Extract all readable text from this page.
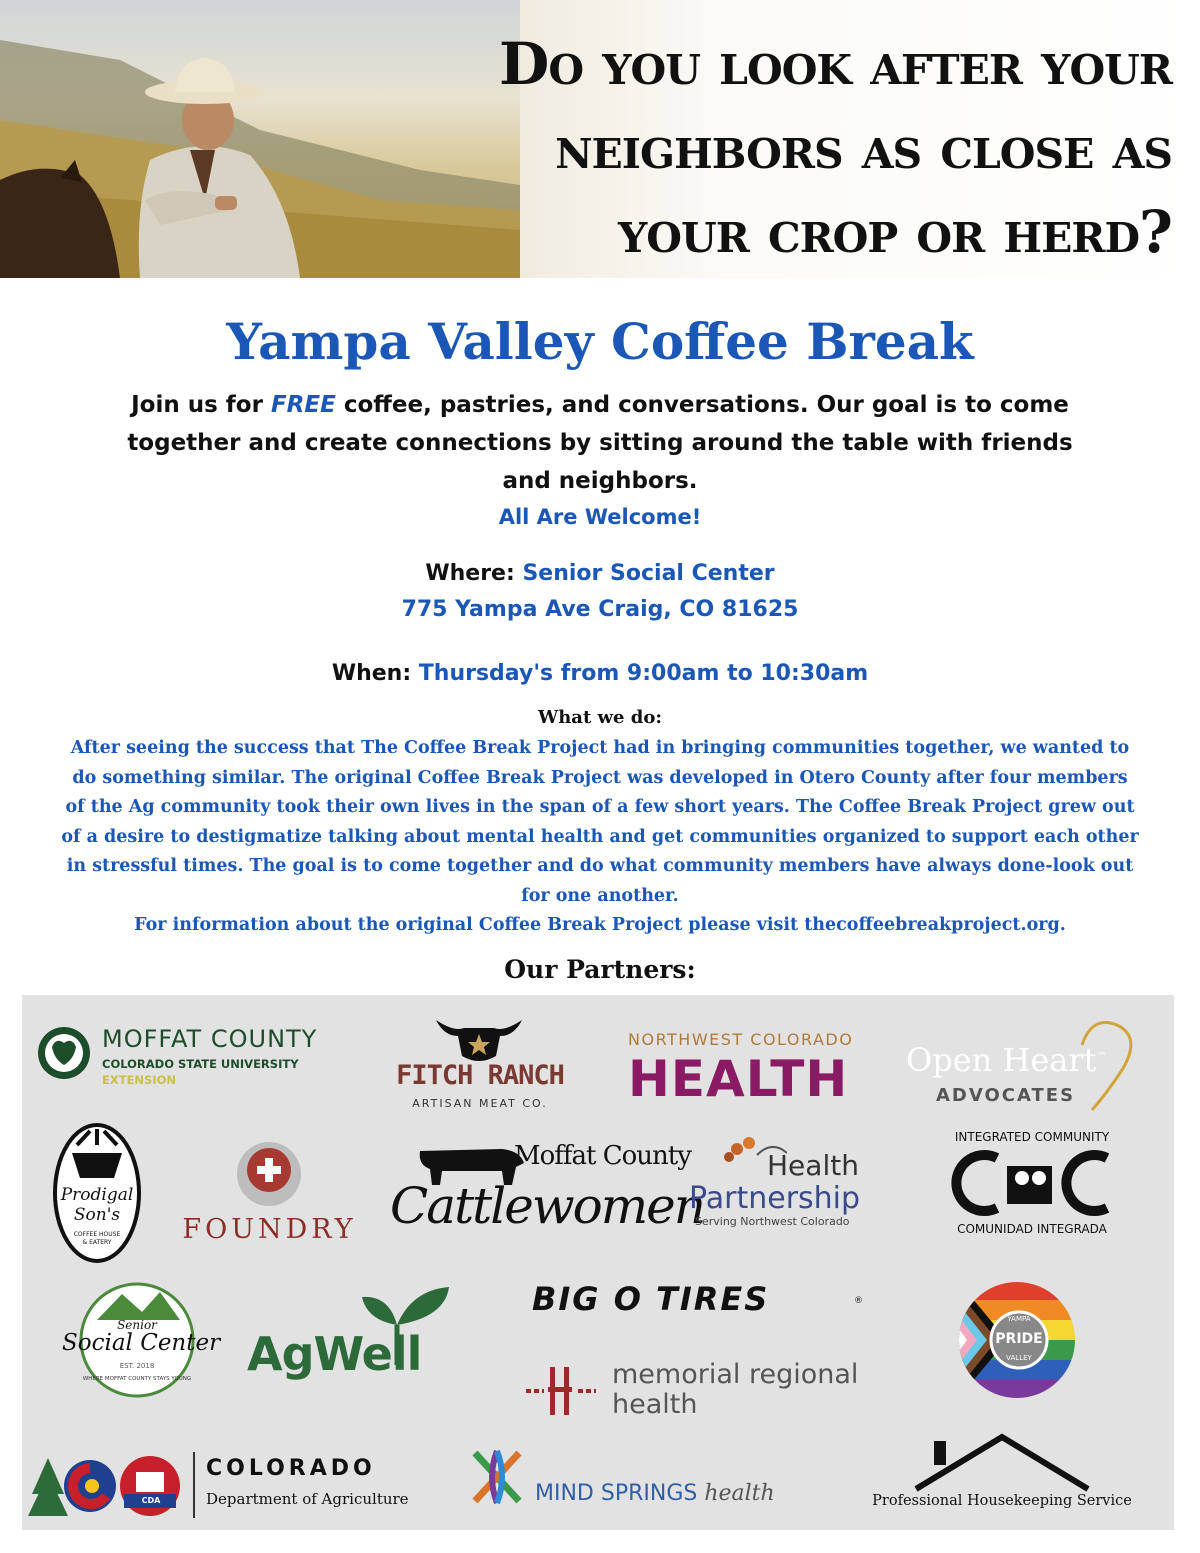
Do you look after your
neighbors as close as
your crop or herd?
Yampa Valley Coffee Break
Join us for FREE coffee, pastries, and conversations. Our goal is to come
together and create connections by sitting around the table with friends
and neighbors.
All Are Welcome!
Where: Senior Social Center
775 Yampa Ave Craig, CO 81625
When: Thursday's from 9:00am to 10:30am
What we do:
After seeing the success that The Coffee Break Project had in bringing communities together, we wanted to do something similar. The original Coffee Break Project was developed in Otero County after four members of the Ag community took their own lives in the span of a few short years. The Coffee Break Project grew out of a desire to destigmatize talking about mental health and get communities organized to support each other in stressful times. The goal is to come together and do what community members have always done-look out for one another.
For information about the original Coffee Break Project please visit thecoffeebreakproject.org.
Our Partners:
MOFFAT COUNTY
COLORADO STATE UNIVERSITY
EXTENSION	FITCH RANCH
ARTISAN MEAT CO.
NORTHWEST COLORADO
HEALTH Open Heart™
ADVOCATES
Prodigal
Son's
COFFEE HOUSE
& EATERY	FOUNDRY
Moffat County
Cattlewomen
Health
Partnership
Serving Northwest Colorado
INTEGRATED COMMUNITY
COMUNIDAD INTEGRADA
Senior
Social Center
EST. 2018
WHERE MOFFAT COUNTY STAYS YOUNG	AgWell
BIG O TIRES	®
memorial regional
health
YAMPA
PRIDE
VALLEY
CDA
COLORADO
Department of Agriculture	MIND SPRINGS health	Professional Housekeeping Service
